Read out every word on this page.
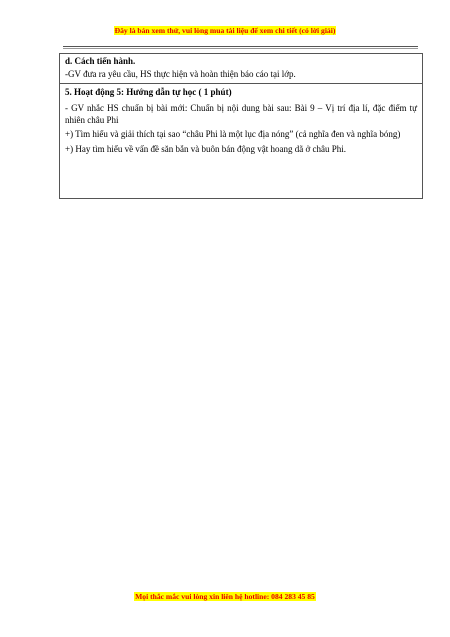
Đây là bản xem thử, vui lòng mua tài liệu để xem chi tiết (có lời giải)
d. Cách tiến hành.
-GV đưa ra yêu cầu, HS thực hiện và hoàn thiện báo cáo tại lớp.
5. Hoạt động 5: Hướng dẫn tự học ( 1 phút)
- GV nhắc HS chuẩn bị bài mới: Chuẩn bị nội dung bài sau: Bài 9 – Vị trí địa lí, đặc điểm tự nhiên châu Phi
+) Tìm hiểu và giải thích tại sao “châu Phi là một lục địa nóng” (cả nghĩa đen và nghĩa bóng)
+) Hay tìm hiểu về vấn đề săn bắn và buôn bán động vật hoang dã ở châu Phi.
Mọi thắc mắc vui lòng xin liên hệ hotline: 084 283 45 85
